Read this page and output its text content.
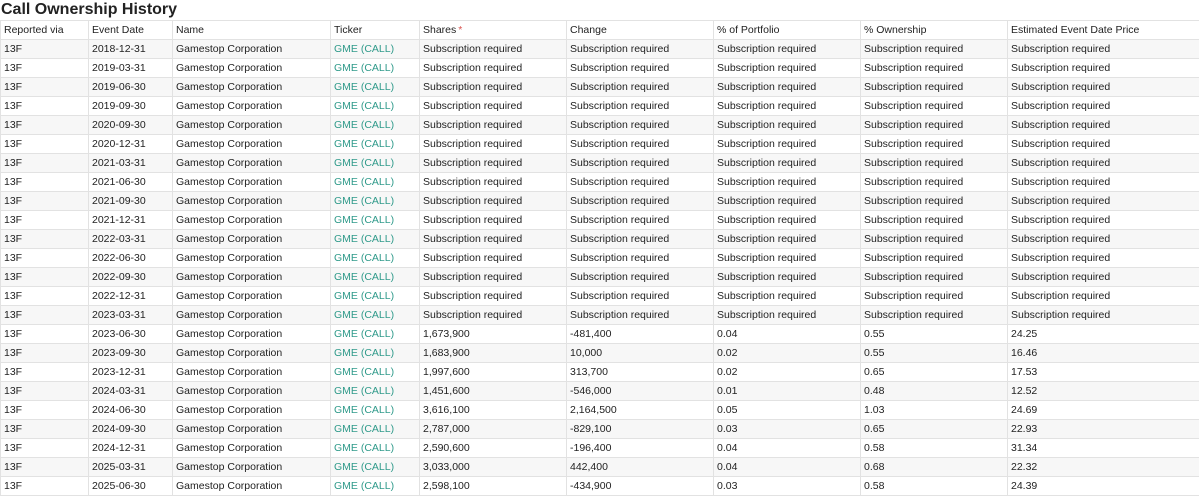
Call Ownership History
Reported via	Event Date	Name	Ticker	Shares *	Change	% of Portfolio	% Ownership	Estimated Event Date Price
13F	2018-12-31	Gamestop Corporation	GME (CALL)	Subscription required	Subscription required	Subscription required	Subscription required	Subscription required
13F	2019-03-31	Gamestop Corporation	GME (CALL)	Subscription required	Subscription required	Subscription required	Subscription required	Subscription required
13F	2019-06-30	Gamestop Corporation	GME (CALL)	Subscription required	Subscription required	Subscription required	Subscription required	Subscription required
13F	2019-09-30	Gamestop Corporation	GME (CALL)	Subscription required	Subscription required	Subscription required	Subscription required	Subscription required
13F	2020-09-30	Gamestop Corporation	GME (CALL)	Subscription required	Subscription required	Subscription required	Subscription required	Subscription required
13F	2020-12-31	Gamestop Corporation	GME (CALL)	Subscription required	Subscription required	Subscription required	Subscription required	Subscription required
13F	2021-03-31	Gamestop Corporation	GME (CALL)	Subscription required	Subscription required	Subscription required	Subscription required	Subscription required
13F	2021-06-30	Gamestop Corporation	GME (CALL)	Subscription required	Subscription required	Subscription required	Subscription required	Subscription required
13F	2021-09-30	Gamestop Corporation	GME (CALL)	Subscription required	Subscription required	Subscription required	Subscription required	Subscription required
13F	2021-12-31	Gamestop Corporation	GME (CALL)	Subscription required	Subscription required	Subscription required	Subscription required	Subscription required
13F	2022-03-31	Gamestop Corporation	GME (CALL)	Subscription required	Subscription required	Subscription required	Subscription required	Subscription required
13F	2022-06-30	Gamestop Corporation	GME (CALL)	Subscription required	Subscription required	Subscription required	Subscription required	Subscription required
13F	2022-09-30	Gamestop Corporation	GME (CALL)	Subscription required	Subscription required	Subscription required	Subscription required	Subscription required
13F	2022-12-31	Gamestop Corporation	GME (CALL)	Subscription required	Subscription required	Subscription required	Subscription required	Subscription required
13F	2023-03-31	Gamestop Corporation	GME (CALL)	Subscription required	Subscription required	Subscription required	Subscription required	Subscription required
13F	2023-06-30	Gamestop Corporation	GME (CALL)	1,673,900	-481,400	0.04	0.55	24.25
13F	2023-09-30	Gamestop Corporation	GME (CALL)	1,683,900	10,000	0.02	0.55	16.46
13F	2023-12-31	Gamestop Corporation	GME (CALL)	1,997,600	313,700	0.02	0.65	17.53
13F	2024-03-31	Gamestop Corporation	GME (CALL)	1,451,600	-546,000	0.01	0.48	12.52
13F	2024-06-30	Gamestop Corporation	GME (CALL)	3,616,100	2,164,500	0.05	1.03	24.69
13F	2024-09-30	Gamestop Corporation	GME (CALL)	2,787,000	-829,100	0.03	0.65	22.93
13F	2024-12-31	Gamestop Corporation	GME (CALL)	2,590,600	-196,400	0.04	0.58	31.34
13F	2025-03-31	Gamestop Corporation	GME (CALL)	3,033,000	442,400	0.04	0.68	22.32
13F	2025-06-30	Gamestop Corporation	GME (CALL)	2,598,100	-434,900	0.03	0.58	24.39
